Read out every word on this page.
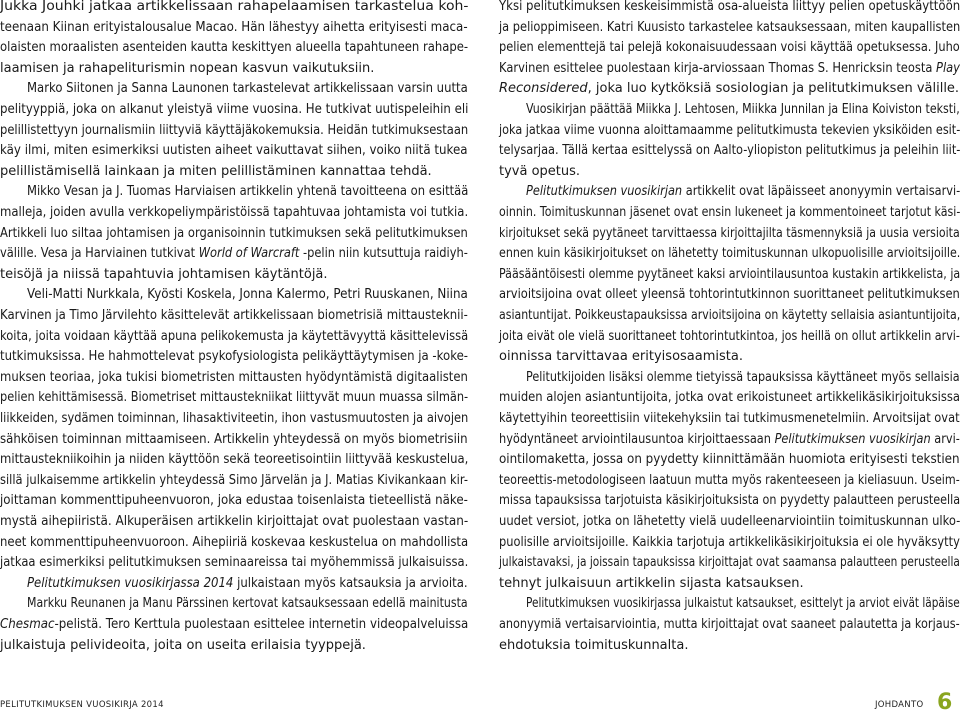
Jukka Jouhki jatkaa artikkelissaan rahapelaamisen tarkastelua koh-
teenaan Kiinan erityistalousalue Macao. Hän lähestyy aihetta erityisesti maca-
olaisten moraalisten asenteiden kautta keskittyen alueella tapahtuneen rahape-
laamisen ja rahapeliturismin nopean kasvun vaikutuksiin.
Marko Siitonen ja Sanna Launonen tarkastelevat artikkelissaan varsin uutta
pelityyppiä, joka on alkanut yleistyä viime vuosina. He tutkivat uutispeleihin eli
pelillistettyyn journalismiin liittyviä käyttäjäkokemuksia. Heidän tutkimuksestaan
käy ilmi, miten esimerkiksi uutisten aiheet vaikuttavat siihen, voiko niitä tukea
pelillistämisellä lainkaan ja miten pelillistäminen kannattaa tehdä.
Mikko Vesan ja J. Tuomas Harviaisen artikkelin yhtenä tavoitteena on esittää
malleja, joiden avulla verkkopeliympäristöissä tapahtuvaa johtamista voi tutkia.
Artikkeli luo siltaa johtamisen ja organisoinnin tutkimuksen sekä pelitutkimuksen
välille. Vesa ja Harviainen tutkivat World of Warcraft -pelin niin kutsuttuja raidiyh-
teisöjä ja niissä tapahtuvia johtamisen käytäntöjä.
Veli-Matti Nurkkala, Kyösti Koskela, Jonna Kalermo, Petri Ruuskanen, Niina
Karvinen ja Timo Järvilehto käsittelevät artikkelissaan biometrisiä mittausteknii-
koita, joita voidaan käyttää apuna pelikokemusta ja käytettävyyttä käsittelevissä
tutkimuksissa. He hahmottelevat psykofysiologista pelikäyttäytymisen ja -koke-
muksen teoriaa, joka tukisi biometristen mittausten hyödyntämistä digitaalisten
pelien kehittämisessä. Biometriset mittaustekniikat liittyvät muun muassa silmän-
liikkeiden, sydämen toiminnan, lihasaktiviteetin, ihon vastusmuutosten ja aivojen
sähköisen toiminnan mittaamiseen. Artikkelin yhteydessä on myös biometrisiin
mittaustekniikoihin ja niiden käyttöön sekä teoreetisointiin liittyvää keskustelua,
sillä julkaisemme artikkelin yhteydessä Simo Järvelän ja J. Matias Kivikankaan kir-
joittaman kommenttipuheenvuoron, joka edustaa toisenlaista tieteellistä näke-
mystä aihepiiristä. Alkuperäisen artikkelin kirjoittajat ovat puolestaan vastan-
neet kommenttipuheenvuoroon. Aihepiiriä koskevaa keskustelua on mahdollista
jatkaa esimerkiksi pelitutkimuksen seminaareissa tai myöhemmissä julkaisuissa.
Pelitutkimuksen vuosikirjassa 2014 julkaistaan myös katsauksia ja arvioita.
Markku Reunanen ja Manu Pärssinen kertovat katsauksessaan edellä mainitusta
Chesmac-pelistä. Tero Kerttula puolestaan esittelee internetin videopalveluissa
julkaistuja pelivideoita, joita on useita erilaisia tyyppejä.
Yksi pelitutkimuksen keskeisimmistä osa-alueista liittyy pelien opetuskäyttöön
ja pelioppimiseen. Katri Kuusisto tarkastelee katsauksessaan, miten kaupallisten
pelien elementtejä tai pelejä kokonaisuudessaan voisi käyttää opetuksessa. Juho
Karvinen esittelee puolestaan kirja-arviossaan Thomas S. Henricksin teosta Play
Reconsidered, joka luo kytköksiä sosiologian ja pelitutkimuksen välille.
Vuosikirjan päättää Miikka J. Lehtosen, Miikka Junnilan ja Elina Koiviston teksti,
joka jatkaa viime vuonna aloittamaamme pelitutkimusta tekevien yksiköiden esit-
telysarjaa. Tällä kertaa esittelyssä on Aalto-yliopiston pelitutkimus ja peleihin liit-
tyvä opetus.
Pelitutkimuksen vuosikirjan artikkelit ovat läpäisseet anonyymin vertaisarvi-
oinnin. Toimituskunnan jäsenet ovat ensin lukeneet ja kommentoineet tarjotut käsi-
kirjoitukset sekä pyytäneet tarvittaessa kirjoittajilta täsmennyksiä ja uusia versioita
ennen kuin käsikirjoitukset on lähetetty toimituskunnan ulkopuolisille arvioitsijoille.
Pääsääntöisesti olemme pyytäneet kaksi arviointilausuntoa kustakin artikkelista, ja
arvioitsijoina ovat olleet yleensä tohtorintutkinnon suorittaneet pelitutkimuksen
asiantuntijat. Poikkeustapauksissa arvioitsijoina on käytetty sellaisia asiantuntijoita,
joita eivät ole vielä suorittaneet tohtorintutkintoa, jos heillä on ollut artikkelin arvi-
oinnissa tarvittavaa erityisosaamista.
Pelitutkijoiden lisäksi olemme tietyissä tapauksissa käyttäneet myös sellaisia
muiden alojen asiantuntijoita, jotka ovat erikoistuneet artikkelikäsikirjoituksissa
käytettyihin teoreettisiin viitekehyksiin tai tutkimusmenetelmiin. Arvoitsijat ovat
hyödyntäneet arviointilausuntoa kirjoittaessaan Pelitutkimuksen vuosikirjan arvi-
ointilomaketta, jossa on pyydetty kiinnittämään huomiota erityisesti tekstien
teoreettis-metodologiseen laatuun mutta myös rakenteeseen ja kieliasuun. Useim-
missa tapauksissa tarjotuista käsikirjoituksista on pyydetty palautteen perusteella
uudet versiot, jotka on lähetetty vielä uudelleenarviointiin toimituskunnan ulko-
puolisille arvioitsijoille. Kaikkia tarjotuja artikkelikäsikirjoituksia ei ole hyväksytty
julkaistavaksi, ja joissain tapauksissa kirjoittajat ovat saamansa palautteen perusteella
tehnyt julkaisuun artikkelin sijasta katsauksen.
Pelitutkimuksen vuosikirjassa julkaistut katsaukset, esittelyt ja arviot eivät läpäise
anonyymiä vertaisarviointia, mutta kirjoittajat ovat saaneet palautetta ja korjaus-
ehdotuksia toimituskunnalta.
PELITUTKIMUKSEN VUOSIKIRJA 2014	JOHDANTO 6
